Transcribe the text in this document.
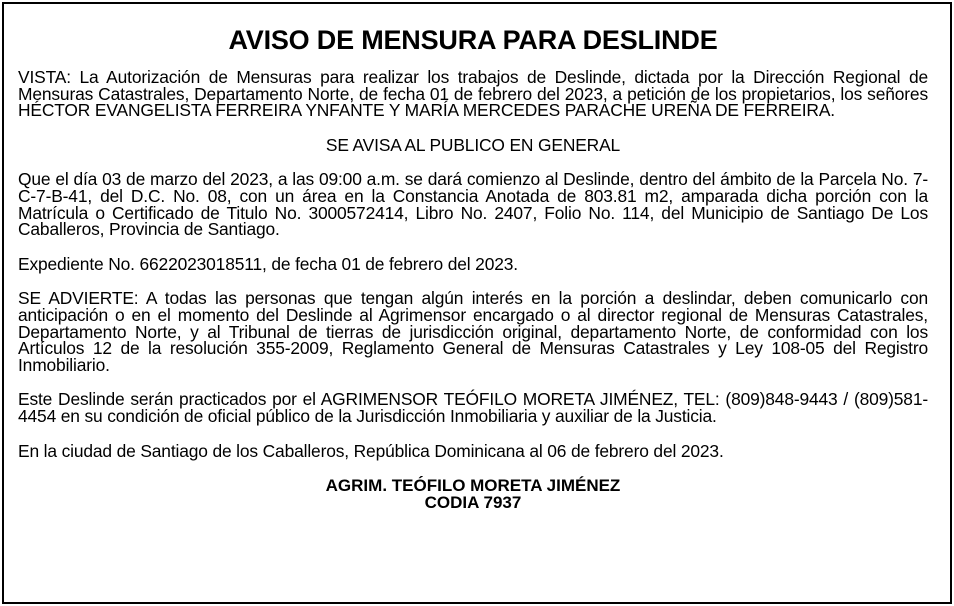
AVISO DE MENSURA PARA DESLINDE

VISTA: La Autorización de Mensuras para realizar los trabajos de Deslinde, dictada por la Dirección Regional de Mensuras Catastrales, Departamento Norte, de fecha 01 de febrero del 2023, a petición de los propietarios, los señores HÉCTOR EVANGELISTA FERREIRA YNFANTE Y MARÍA MERCEDES PARACHE UREÑA DE FERREIRA.

SE AVISA AL PUBLICO EN GENERAL

Que el día 03 de marzo del 2023, a las 09:00 a.m. se dará comienzo al Deslinde, dentro del ámbito de la Parcela No. 7-C-7-B-41, del D.C. No. 08, con un área en la Constancia Anotada de 803.81 m2, amparada dicha porción con la Matrícula o Certificado de Titulo No. 3000572414, Libro No. 2407, Folio No. 114, del Municipio de Santiago De Los Caballeros, Provincia de Santiago.

Expediente No. 6622023018511, de fecha 01 de febrero del 2023.

SE ADVIERTE: A todas las personas que tengan algún interés en la porción a deslindar, deben comunicarlo con anticipación o en el momento del Deslinde al Agrimensor encargado o al director regional de Mensuras Catastrales, Departamento Norte, y al Tribunal de tierras de jurisdicción original, departamento Norte, de conformidad con los Artículos 12 de la resolución 355-2009, Reglamento General de Mensuras Catastrales y Ley 108-05 del Registro Inmobiliario.

Este Deslinde serán practicados por el AGRIMENSOR TEÓFILO MORETA JIMÉNEZ, TEL: (809)848-9443 / (809)581-4454 en su condición de oficial público de la Jurisdicción Inmobiliaria y auxiliar de la Justicia.

En la ciudad de Santiago de los Caballeros, República Dominicana al 06 de febrero del 2023.

AGRIM. TEÓFILO MORETA JIMÉNEZ
CODIA 7937
